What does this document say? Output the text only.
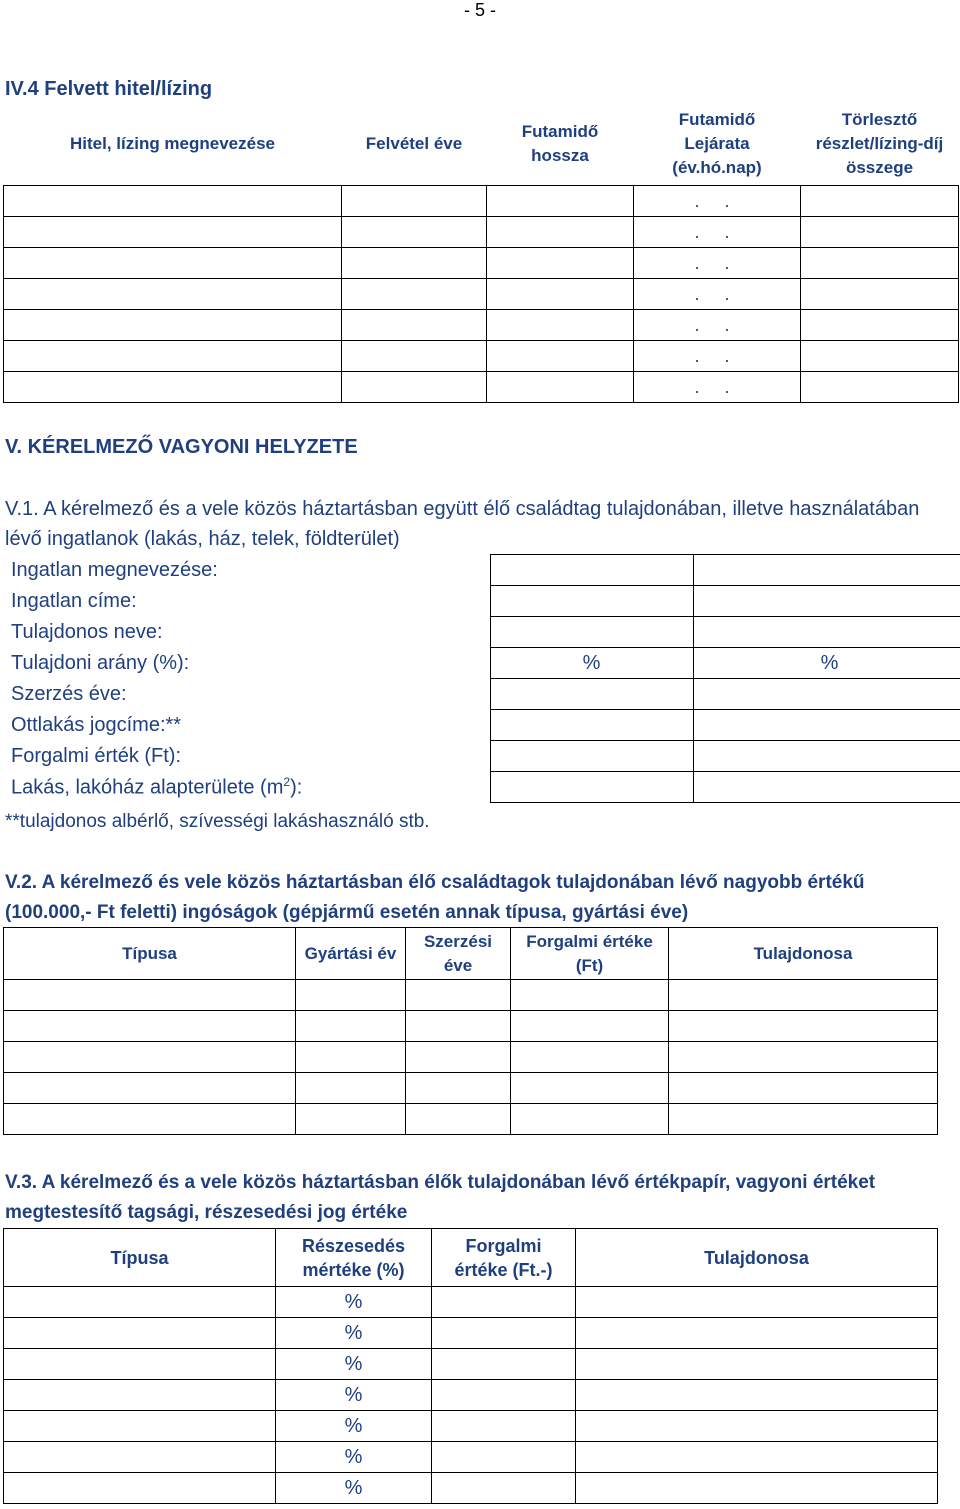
- 5 -
IV.4 Felvett hitel/lízing
Hitel, lízing megnevezése	Felvétel éve	Futamidő hossza	Futamidő Lejárata (év.hó.nap)	Törlesztő részlet/lízing-díj összege

			. .	
			. .	
			. .	
			. .	
			. .	
			. .	
			. .	
V. KÉRELMEZŐ VAGYONI HELYZETE
V.1. A kérelmező és a vele közös háztartásban együtt élő családtag tulajdonában, illetve használatában lévő ingatlanok (lakás, ház, telek, földterület)
Ingatlan megnevezése:		
Ingatlan címe:		
Tulajdonos neve:		
Tulajdoni arány (%):	%	%
Szerzés éve:		
Ottlakás jogcíme:**		
Forgalmi érték (Ft):		
Lakás, lakóház alapterülete $(m^2)$:		
**tulajdonos albérlő, szívességi lakáshasználó stb.
V.2. A kérelmező és vele közös háztartásban élő családtagok tulajdonában lévő nagyobb értékű (100.000,- Ft feletti) ingóságok (gépjármű esetén annak típusa, gyártási éve)
Típusa	Gyártási év	Szerzési éve	Forgalmi értéke (Ft)	Tulajdonosa

V.3. A kérelmező és a vele közös háztartásban élők tulajdonában lévő értékpapír, vagyoni értéket megtestesítő tagsági, részesedési jog értéke
Típusa	Részesedés mértéke (%)	Forgalmi értéke (Ft.-)	Tulajdonosa
	%		
	%		
	%		
	%		
	%		
	%		
	%		
